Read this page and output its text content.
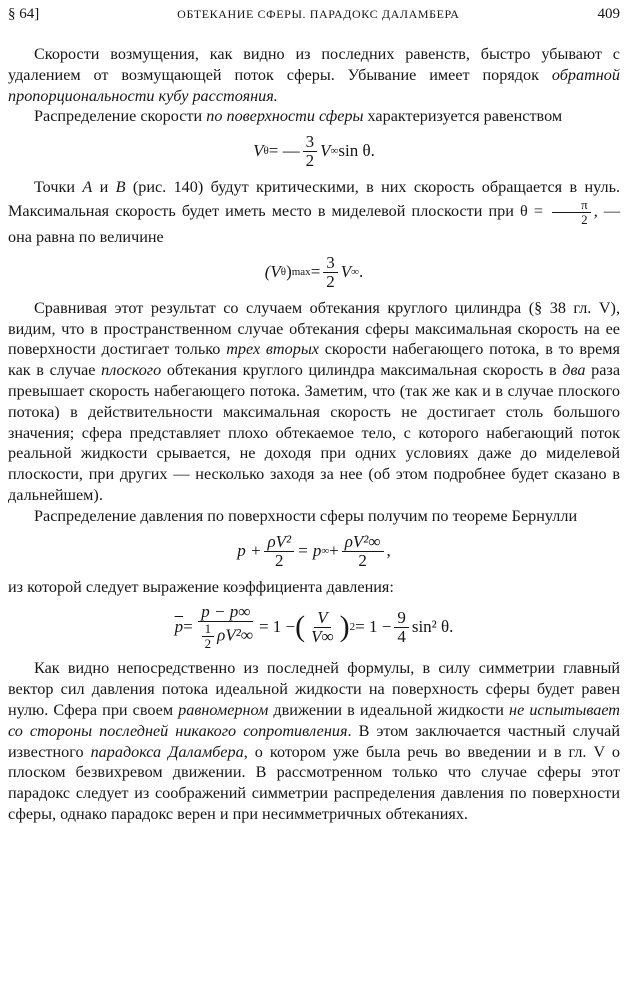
§ 64]	ОБТЕКАНИЕ СФЕРЫ. ПАРАДОКС ДАЛАМБЕРА	409

Скорости возмущения, как видно из последних равенств, быстро убывают с удалением от возмущающей поток сферы. Убывание имеет порядок обратной пропорциональности кубу расстояния.

Распределение скорости по поверхности сферы характеризуется равенством

V θ = — $\frac{3}{2}$ V ∞ sin θ.

Точки A и B (рис. 140) будут критическими, в них скорость обращается в нуль. Максимальная скорость будет иметь место в миделевой плоскости при $\theta = \frac{\pi}{2}$ , — она равна по величине

(V θ ) $\max = \frac{3}{2}$ V ∞ .

Сравнивая этот результат со случаем обтекания круглого цилиндра (§ 38 гл. V), видим, что в пространственном случае обтекания сферы максимальная скорость на ее поверхности достигает только трех вторых скорости набегающего потока, в то время как в случае плоского обтекания круглого цилиндра максимальная скорость в два раза превышает скорость набегающего потока. Заметим, что (так же как и в случае плоского потока) в действительности максимальная скорость не достигает столь большого значения; сфера представляет плохо обтекаемое тело, с которого набегающий поток реальной жидкости срывается, не доходя при одних условиях даже до миделевой плоскости, при других — несколько заходя за нее (об этом подробнее будет сказано в дальнейшем).

Распределение давления по поверхности сферы получим по теореме Бернулли

$p + \frac{\text{ρV²}}{2} = p$ ∞ + $\frac{\text{ρV²∞}}{2}$ ,

из которой следует выражение коэффициента давления:

$\overline{p} = \frac{p - p\infty}{\frac{1}{2} \rho V^2\infty} = 1$ − ( $\frac{V}{V\infty}$ ) $2 = 1 - \frac{9}{4} \sin^2$ θ.

Как видно непосредственно из последней формулы, в силу симметрии главный вектор сил давления потока идеальной жидкости на поверхность сферы будет равен нулю. Сфера при своем равномерном движении в идеальной жидкости не испытывает со стороны последней никакого сопротивления. В этом заключается частный случай известного парадокса Даламбера, о котором уже была речь во введении и в гл. V о плоском безвихревом движении. В рассмотренном только что случае сферы этот парадокс следует из соображений симметрии распределения давления по поверхности сферы, однако парадокс верен и при несимметричных обтеканиях.
